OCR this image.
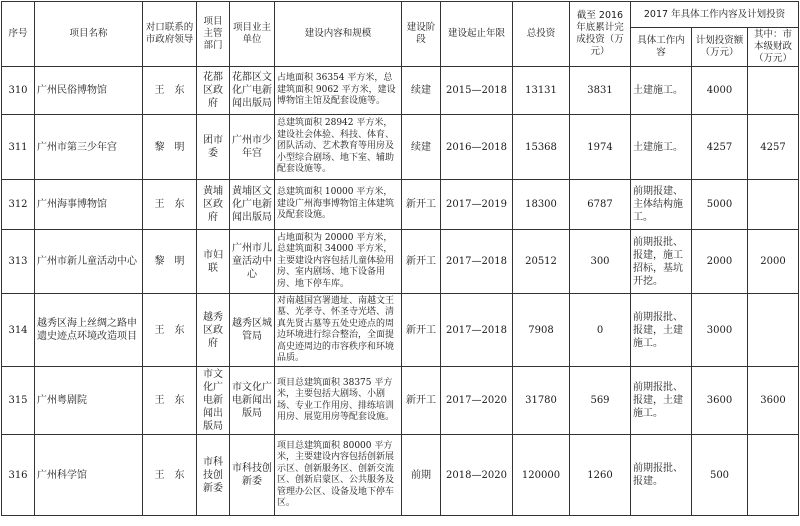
序号	项目名称	对口联系的市政府领导	项目主管部门	项目业主单位	建设内容和规模	建设阶段	建设起止年限	总投资	截至 2016 年底累计完成投资（万元）	2017 年具体工作内容及计划投资		
										具体工作内容	计划投资额（万元）	其中：市本级财政（万元）
310	广州民俗博物馆	王　东	花都区政府	花都区文化广电新闻出版局	占地面积 36354 平方米，总建筑面积 9062 平方米，建设博物馆主馆及配套设施等。	续建	2015—2018	13131	3831	土建施工。	4000	
311	广州市第三少年宫	黎　明	团市委	广州市少年宫	总建筑面积 28942 平方米，建设社会体验、科技、体育、团队活动、艺术教育等用房及小型综合剧场、地下室、辅助配套设施等。	续建	2016—2018	15368	1974	土建施工。	4257	4257
312	广州海事博物馆	王　东	黄埔区政府	黄埔区文化广电新闻出版局	总建筑面积 10000 平方米，建设广州海事博物馆主体建筑及配套设施。	新开工	2017—2019	18300	6787	前期报建、主体结构施工。	5000	
313	广州市新儿童活动中心	黎　明	市妇联	广州市儿童活动中心	占地面积为 20000 平方米，总建筑面积 34000 平方米，主要建设内容包括儿童体验用房、室内剧场、地下设备用房、地下停车库。	新开工	2017—2018	20512	300	前期报批、报建，施工招标，基坑开挖。	2000	2000
314	越秀区海上丝绸之路申遗史迹点环境改造项目	王　东	越秀区政府	越秀区城管局	对南越国宫署遗址、南越文王墓、光孝寺、怀圣寺光塔、清真先贤古墓等五处史迹点的周边环境进行综合整治，全面提高史迹周边的市容秩序和环境品质。	新开工	2017—2018	7908	0	前期报批、报建，土建施工。	3000	
315	广州粤剧院	王　东	市文化广电新闻出版局	市文化广电新闻出版局	项目总建筑面积 38375 平方米，主要包括大剧场、小剧场、专业工作用房、排练培训用房、展览用房等配套设施。	新开工	2017—2020	31780	569	前期报批、报建，土建施工。	3600	3600
316	广州科学馆	王　东	市科技创新委	市科技创新委	项目总建筑面积 80000 平方米，主要建设内容包括创新展示区、创新服务区、创新交流区、创新启蒙区、公共服务及管理办公区、设备及地下停车区。	前期	2018—2020	120000	1260	前期报批、报建。	500	
